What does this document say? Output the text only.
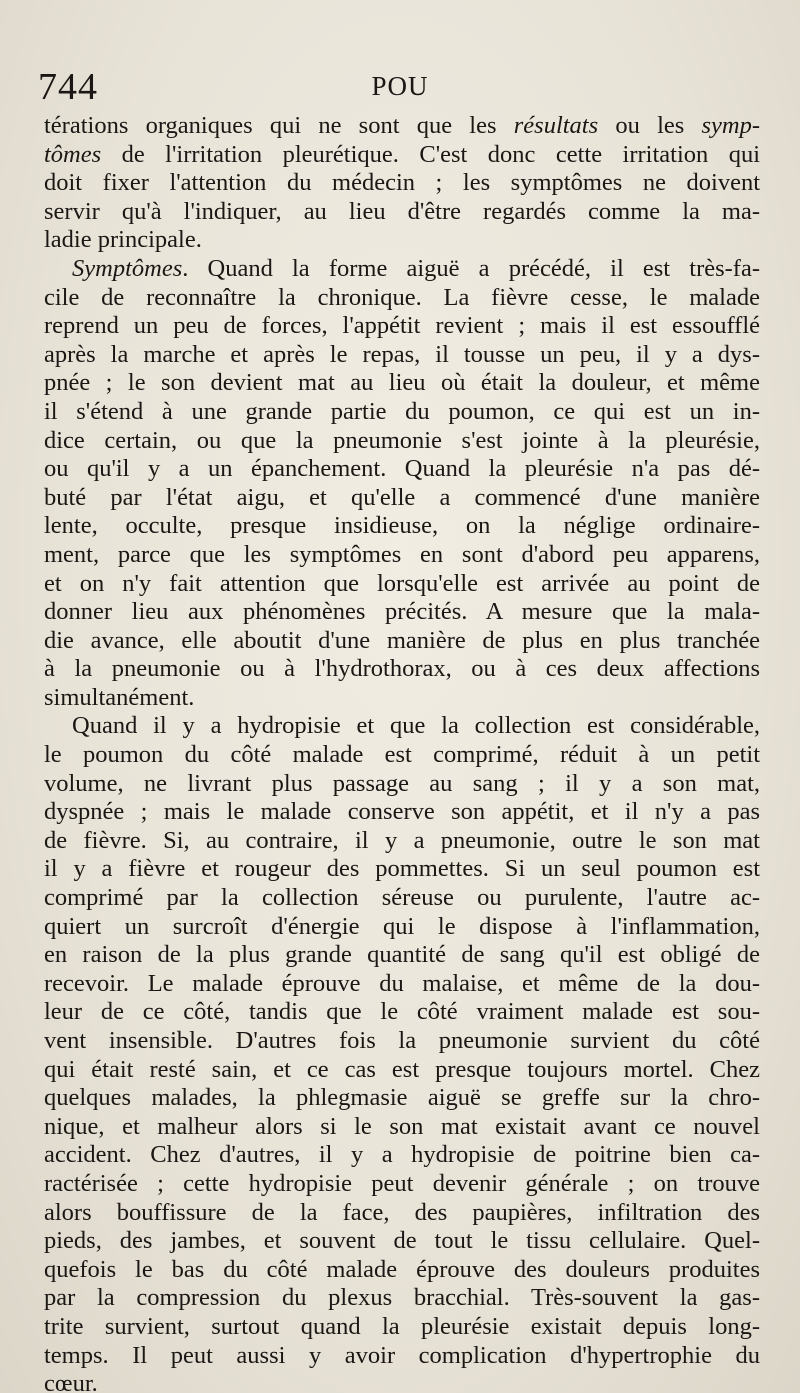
744	POU
térations organiques qui ne sont que les résultats ou les symp-
tômes de l'irritation pleurétique. C'est donc cette irritation qui
doit fixer l'attention du médecin ; les symptômes ne doivent
servir qu'à l'indiquer, au lieu d'être regardés comme la ma-
ladie principale.
Symptômes. Quand la forme aiguë a précédé, il est très-fa-
cile de reconnaître la chronique. La fièvre cesse, le malade
reprend un peu de forces, l'appétit revient ; mais il est essoufflé
après la marche et après le repas, il tousse un peu, il y a dys-
pnée ; le son devient mat au lieu où était la douleur, et même
il s'étend à une grande partie du poumon, ce qui est un in-
dice certain, ou que la pneumonie s'est jointe à la pleurésie,
ou qu'il y a un épanchement. Quand la pleurésie n'a pas dé-
buté par l'état aigu, et qu'elle a commencé d'une manière
lente, occulte, presque insidieuse, on la néglige ordinaire-
ment, parce que les symptômes en sont d'abord peu apparens,
et on n'y fait attention que lorsqu'elle est arrivée au point de
donner lieu aux phénomènes précités. A mesure que la mala-
die avance, elle aboutit d'une manière de plus en plus tranchée
à la pneumonie ou à l'hydrothorax, ou à ces deux affections
simultanément.
Quand il y a hydropisie et que la collection est considérable,
le poumon du côté malade est comprimé, réduit à un petit
volume, ne livrant plus passage au sang ; il y a son mat,
dyspnée ; mais le malade conserve son appétit, et il n'y a pas
de fièvre. Si, au contraire, il y a pneumonie, outre le son mat
il y a fièvre et rougeur des pommettes. Si un seul poumon est
comprimé par la collection séreuse ou purulente, l'autre ac-
quiert un surcroît d'énergie qui le dispose à l'inflammation,
en raison de la plus grande quantité de sang qu'il est obligé de
recevoir. Le malade éprouve du malaise, et même de la dou-
leur de ce côté, tandis que le côté vraiment malade est sou-
vent insensible. D'autres fois la pneumonie survient du côté
qui était resté sain, et ce cas est presque toujours mortel. Chez
quelques malades, la phlegmasie aiguë se greffe sur la chro-
nique, et malheur alors si le son mat existait avant ce nouvel
accident. Chez d'autres, il y a hydropisie de poitrine bien ca-
ractérisée ; cette hydropisie peut devenir générale ; on trouve
alors bouffissure de la face, des paupières, infiltration des
pieds, des jambes, et souvent de tout le tissu cellulaire. Quel-
quefois le bas du côté malade éprouve des douleurs produites
par la compression du plexus bracchial. Très-souvent la gas-
trite survient, surtout quand la pleurésie existait depuis long-
temps. Il peut aussi y avoir complication d'hypertrophie du
cœur.
